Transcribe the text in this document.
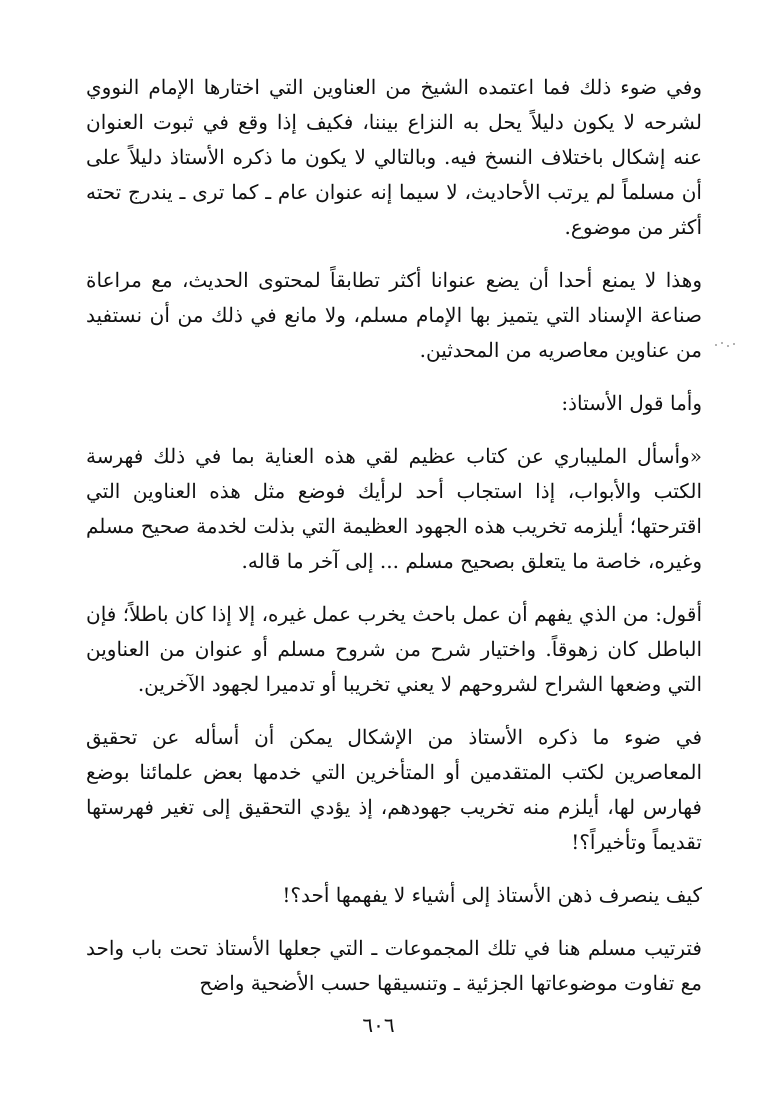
وفي ضوء ذلك فما اعتمده الشيخ من العناوين التي اختارها الإمام النووي لشرحه لا يكون دليلاً يحل به النزاع بيننا، فكيف إذا وقع في ثبوت العنوان عنه إشكال باختلاف النسخ فيه. وبالتالي لا يكون ما ذكره الأستاذ دليلاً على أن مسلماً لم يرتب الأحاديث، لا سيما إنه عنوان عام ـ كما ترى ـ يندرج تحته أكثر من موضوع.

وهذا لا يمنع أحدا أن يضع عنوانا أكثر تطابقاً لمحتوى الحديث، مع مراعاة صناعة الإسناد التي يتميز بها الإمام مسلم، ولا مانع في ذلك من أن نستفيد من عناوين معاصريه من المحدثين.

وأما قول الأستاذ:

«وأسأل المليباري عن كتاب عظيم لقي هذه العناية بما في ذلك فهرسة الكتب والأبواب، إذا استجاب أحد لرأيك فوضع مثل هذه العناوين التي اقترحتها؛ أيلزمه تخريب هذه الجهود العظيمة التي بذلت لخدمة صحيح مسلم وغيره، خاصة ما يتعلق بصحيح مسلم ... إلى آخر ما قاله.

أقول: من الذي يفهم أن عمل باحث يخرب عمل غيره، إلا إذا كان باطلاً؛ فإن الباطل كان زهوقاً. واختيار شرح من شروح مسلم أو عنوان من العناوين التي وضعها الشراح لشروحهم لا يعني تخريبا أو تدميرا لجهود الآخرين.

في ضوء ما ذكره الأستاذ من الإشكال يمكن أن أسأله عن تحقيق المعاصرين لكتب المتقدمين أو المتأخرين التي خدمها بعض علمائنا بوضع فهارس لها، أيلزم منه تخريب جهودهم، إذ يؤدي التحقيق إلى تغير فهرستها تقديماً وتأخيراً؟!

كيف ينصرف ذهن الأستاذ إلى أشياء لا يفهمها أحد؟!

فترتيب مسلم هنا في تلك المجموعات ـ التي جعلها الأستاذ تحت باب واحد مع تفاوت موضوعاتها الجزئية ـ وتنسيقها حسب الأضحية واضح

٦٠٦
